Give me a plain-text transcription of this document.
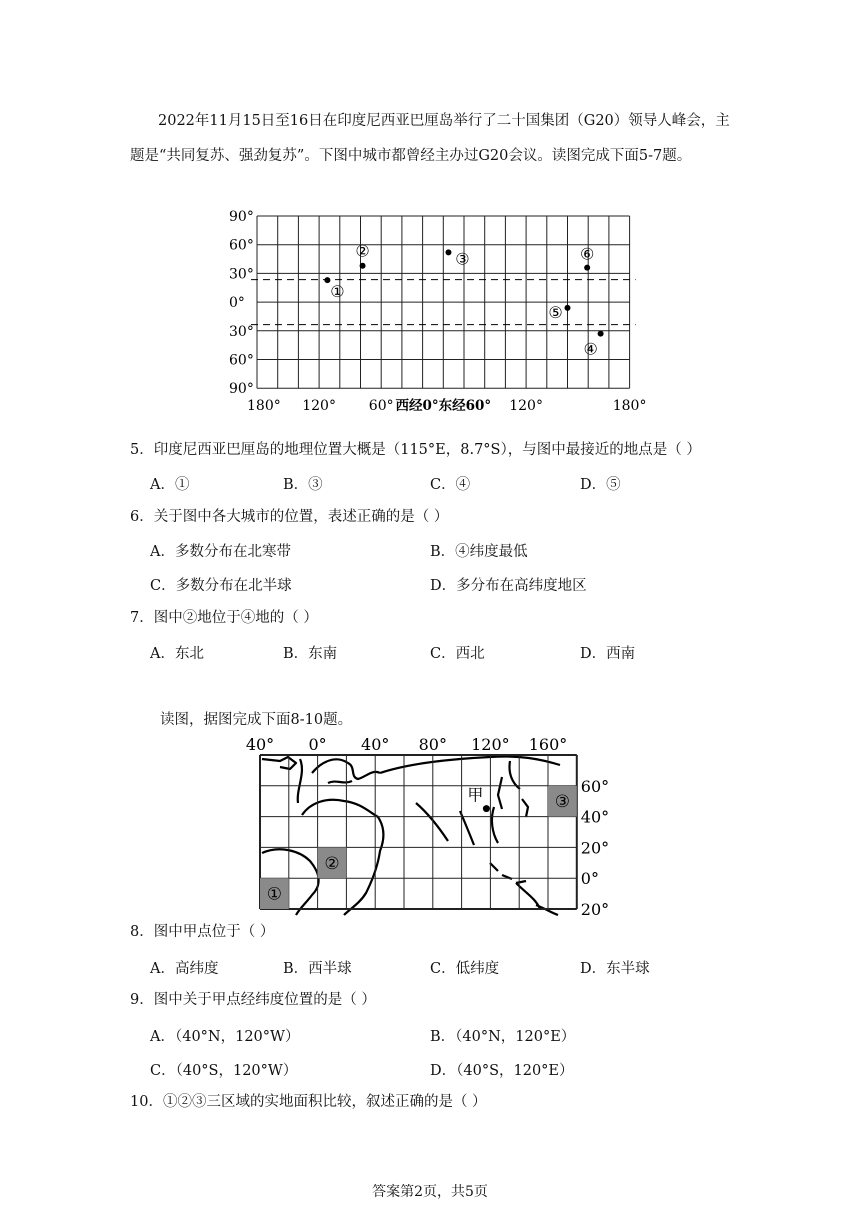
2022年11月15日至16日在印度尼西亚巴厘岛举行了二十国集团（G20）领导人峰会，主题是“共同复苏、强劲复苏”。下图中城市都曾经主办过G20会议。读图完成下面5-7题。
90°
60°
30°
0°
30°
60°
90°
180° 120° 60° 西经0°东经60° 120°	180°
①
②	③
④
⑤
⑥
5．印度尼西亚巴厘岛的地理位置大概是（115°E，8.7°S），与图中最接近的地点是（ ）
A．①	B．③	C．④	D．⑤
6．关于图中各大城市的位置，表述正确的是（ ）
A．多数分布在北寒带	B．④纬度最低
C．多数分布在北半球	D．多分布在高纬度地区
7．图中②地位于④地的（ ）
A．东北	B．东南	C．西北	D．西南
读图，据图完成下面8-10题。
①
②
③
40° 0° 40° 80° 120° 160°
60°
40°
20°
0°
20°
甲
8．图中甲点位于（ ）
A．高纬度	B．西半球	C．低纬度	D．东半球
9．图中关于甲点经纬度位置的是（ ）
A．（40°N，120°W）	B．（40°N，120°E）
C．（40°S，120°W）	D．（40°S，120°E）
10．①②③三区域的实地面积比较，叙述正确的是（ ）
答案第2页，共5页
